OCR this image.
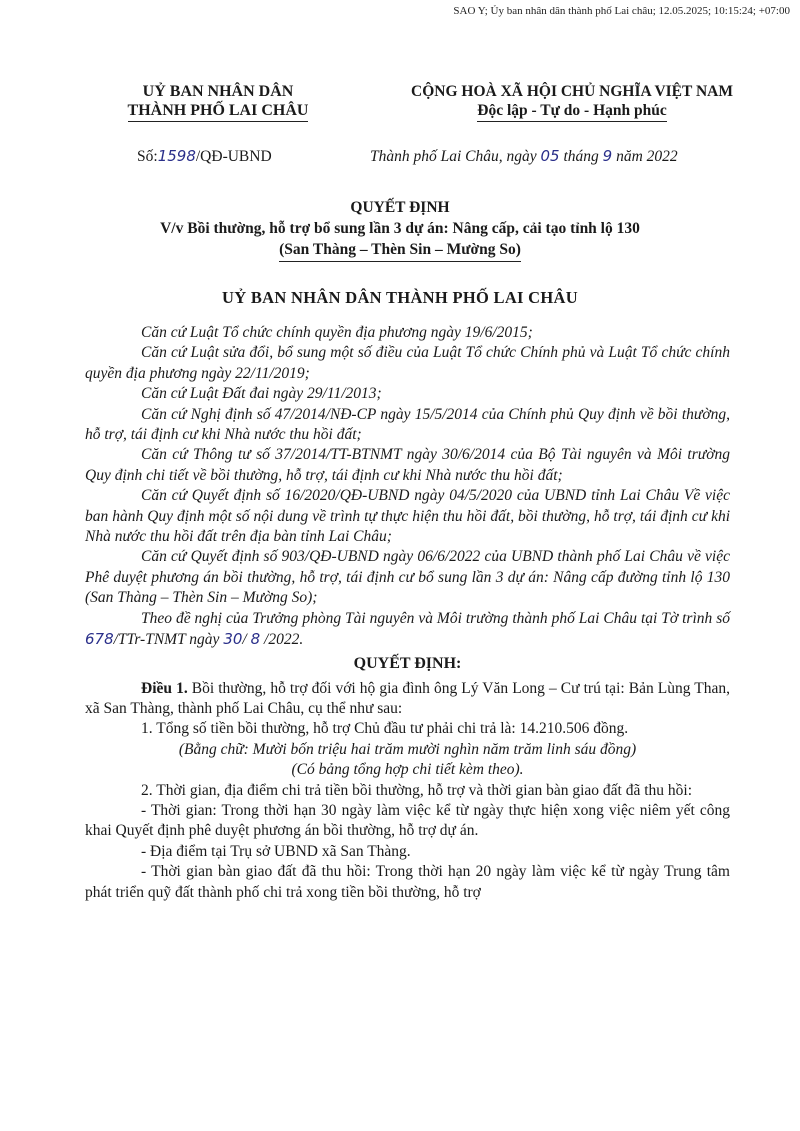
SAO Y; Ủy ban nhân dân thành phố Lai châu; 12.05.2025; 10:15:24; +07:00
UỶ BAN NHÂN DÂN
THÀNH PHỐ LAI CHÂU
CỘNG HOÀ XÃ HỘI CHỦ NGHĨA VIỆT NAM
Độc lập - Tự do - Hạnh phúc
Số:1598/QĐ-UBND	Thành phố Lai Châu, ngày 05 tháng 9 năm 2022
QUYẾT ĐỊNH
V/v Bồi thường, hỗ trợ bổ sung lần 3 dự án: Nâng cấp, cải tạo tỉnh lộ 130
(San Thàng – Thèn Sin – Mường So)
UỶ BAN NHÂN DÂN THÀNH PHỐ LAI CHÂU

Căn cứ Luật Tổ chức chính quyền địa phương ngày 19/6/2015;

Căn cứ Luật sửa đổi, bổ sung một số điều của Luật Tổ chức Chính phủ và Luật Tổ chức chính quyền địa phương ngày 22/11/2019;

Căn cứ Luật Đất đai ngày 29/11/2013;

Căn cứ Nghị định số 47/2014/NĐ-CP ngày 15/5/2014 của Chính phủ Quy định về bồi thường, hỗ trợ, tái định cư khi Nhà nước thu hồi đất;

Căn cứ Thông tư số 37/2014/TT-BTNMT ngày 30/6/2014 của Bộ Tài nguyên và Môi trường Quy định chi tiết về bồi thường, hỗ trợ, tái định cư khi Nhà nước thu hồi đất;

Căn cứ Quyết định số 16/2020/QĐ-UBND ngày 04/5/2020 của UBND tỉnh Lai Châu Về việc ban hành Quy định một số nội dung về trình tự thực hiện thu hồi đất, bồi thường, hỗ trợ, tái định cư khi Nhà nước thu hồi đất trên địa bàn tỉnh Lai Châu;

Căn cứ Quyết định số 903/QĐ-UBND ngày 06/6/2022 của UBND thành phố Lai Châu về việc Phê duyệt phương án bồi thường, hỗ trợ, tái định cư bổ sung lần 3 dự án: Nâng cấp đường tỉnh lộ 130 (San Thàng – Thèn Sin – Mường So);

Theo đề nghị của Trưởng phòng Tài nguyên và Môi trường thành phố Lai Châu tại Tờ trình số 678/TTr-TNMT ngày 30/ 8 /2022.

QUYẾT ĐỊNH:

Điều 1. Bồi thường, hỗ trợ đối với hộ gia đình ông Lý Văn Long – Cư trú tại: Bản Lùng Than, xã San Thàng, thành phố Lai Châu, cụ thể như sau:

1. Tổng số tiền bồi thường, hỗ trợ Chủ đầu tư phải chi trả là: 14.210.506 đồng.

(Bằng chữ: Mười bốn triệu hai trăm mười nghìn năm trăm linh sáu đồng)

(Có bảng tổng hợp chi tiết kèm theo).

2. Thời gian, địa điểm chi trả tiền bồi thường, hỗ trợ và thời gian bàn giao đất đã thu hồi:

- Thời gian: Trong thời hạn 30 ngày làm việc kể từ ngày thực hiện xong việc niêm yết công khai Quyết định phê duyệt phương án bồi thường, hỗ trợ dự án.

- Địa điểm tại Trụ sở UBND xã San Thàng.

- Thời gian bàn giao đất đã thu hồi: Trong thời hạn 20 ngày làm việc kể từ ngày Trung tâm phát triển quỹ đất thành phố chi trả xong tiền bồi thường, hỗ trợ
